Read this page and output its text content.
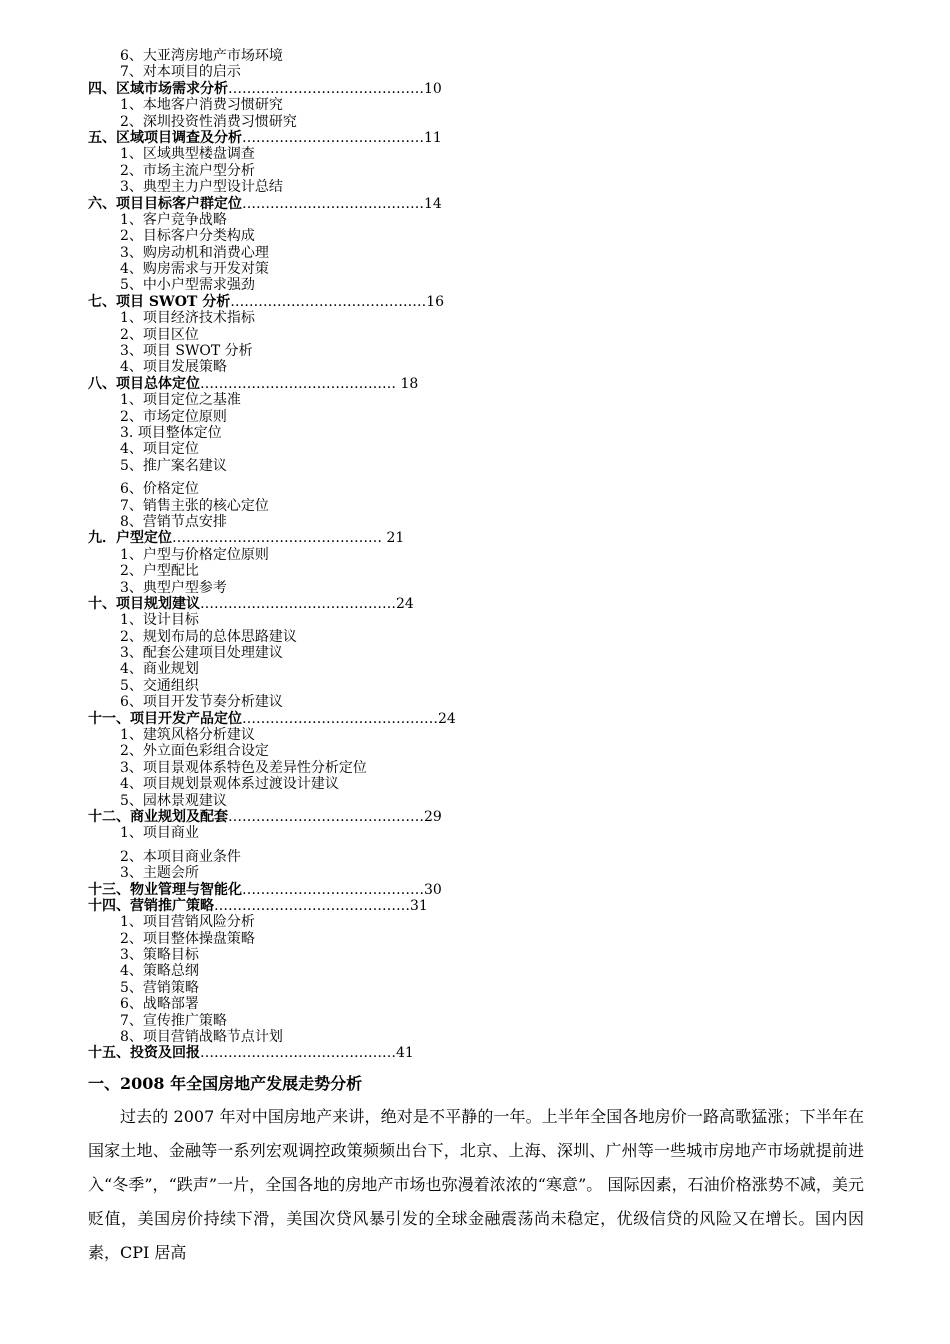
6、大亚湾房地产市场环境
7、对本项目的启示
四、区域市场需求分析……………………………………10
1、本地客户消费习惯研究
2、深圳投资性消费习惯研究
五、区域项目调查及分析…………………………………11
1、区域典型楼盘调查
2、市场主流户型分析
3、典型主力户型设计总结
六、项目目标客户群定位…………………………………14
1、客户竞争战略
2、目标客户分类构成
3、购房动机和消费心理
4、购房需求与开发对策
5、中小户型需求强劲
七、项目 SWOT 分析……………………………………16
1、项目经济技术指标
2、项目区位
3、项目 SWOT 分析
4、项目发展策略
八、项目总体定位…………………………………… 18
1、项目定位之基准
2、市场定位原则
3. 项目整体定位
4、项目定位
5、推广案名建议
6、价格定位
7、销售主张的核心定位
8、营销节点安排
九．户型定位……………………………………… 21
1、户型与价格定位原则
2、户型配比
3、典型户型参考
十、项目规划建议……………………………………24
1、设计目标
2、规划布局的总体思路建议
3、配套公建项目处理建议
4、商业规划
5、交通组织
6、项目开发节奏分析建议
十一、项目开发产品定位……………………………………24
1、建筑风格分析建议
2、外立面色彩组合设定
3、项目景观体系特色及差异性分析定位
4、项目规划景观体系过渡设计建议
5、园林景观建议
十二、商业规划及配套……………………………………29
1、项目商业
2、本项目商业条件
3、主题会所
十三、物业管理与智能化…………………………………30
十四、营销推广策略……………………………………31
1、项目营销风险分析
2、项目整体操盘策略
3、策略目标
4、策略总纲
5、营销策略
6、战略部署
7、宣传推广策略
8、项目营销战略节点计划
十五、投资及回报……………………………………41
一、2008 年全国房地产发展走势分析

过去的 2007 年对中国房地产来讲，绝对是不平静的一年。上半年全国各地房价一路高歌猛涨；下半年在国家土地、金融等一系列宏观调控政策频频出台下，北京、上海、深圳、广州等一些城市房地产市场就提前进入“冬季”，“跌声”一片，全国各地的房地产市场也弥漫着浓浓的“寒意”。 国际因素，石油价格涨势不减，美元贬值，美国房价持续下滑，美国次贷风暴引发的全球金融震荡尚未稳定，优级信贷的风险又在增长。国内因素，CPI 居高
